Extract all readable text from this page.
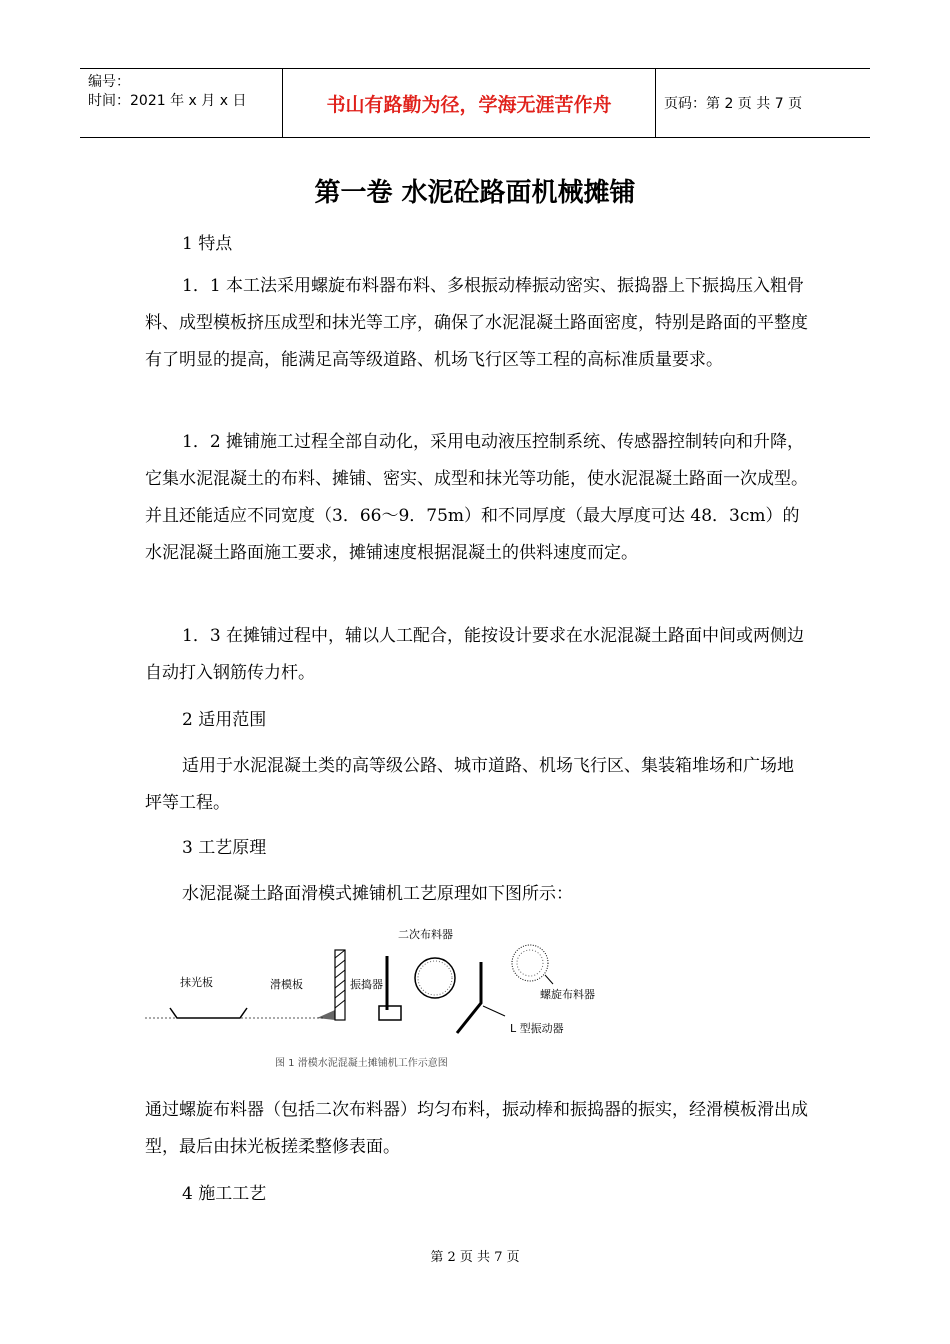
编号：
时间：2021 年 x 月 x 日	书山有路勤为径，学海无涯苦作舟	页码：第 2 页 共 7 页
第一卷 水泥砼路面机械摊铺

1 特点

1．1 本工法采用螺旋布料器布料、多根振动棒振动密实、振捣器上下振捣压入粗骨料、成型模板挤压成型和抹光等工序，确保了水泥混凝土路面密度，特别是路面的平整度有了明显的提高，能满足高等级道路、机场飞行区等工程的高标准质量要求。

1．2 摊铺施工过程全部自动化，采用电动液压控制系统、传感器控制转向和升降，它集水泥混凝土的布料、摊铺、密实、成型和抹光等功能，使水泥混凝土路面一次成型。并且还能适应不同宽度（3．66～9．75m）和不同厚度（最大厚度可达 48．3cm）的水泥混凝土路面施工要求，摊铺速度根据混凝土的供料速度而定。

1．3 在摊铺过程中，辅以人工配合，能按设计要求在水泥混凝土路面中间或两侧边自动打入钢筋传力杆。

2 适用范围

适用于水泥混凝土类的高等级公路、城市道路、机场飞行区、集装箱堆场和广场地坪等工程。

3 工艺原理

水泥混凝土路面滑模式摊铺机工艺原理如下图所示：

抹光板	滑模板	振捣器
二次布料器
螺旋布料器
L 型振动器
图 1 滑模水泥混凝土摊铺机工作示意图

通过螺旋布料器（包括二次布料器）均匀布料，振动棒和振捣器的振实，经滑模板滑出成型，最后由抹光板搓柔整修表面。

4 施工工艺

第 2 页 共 7 页
